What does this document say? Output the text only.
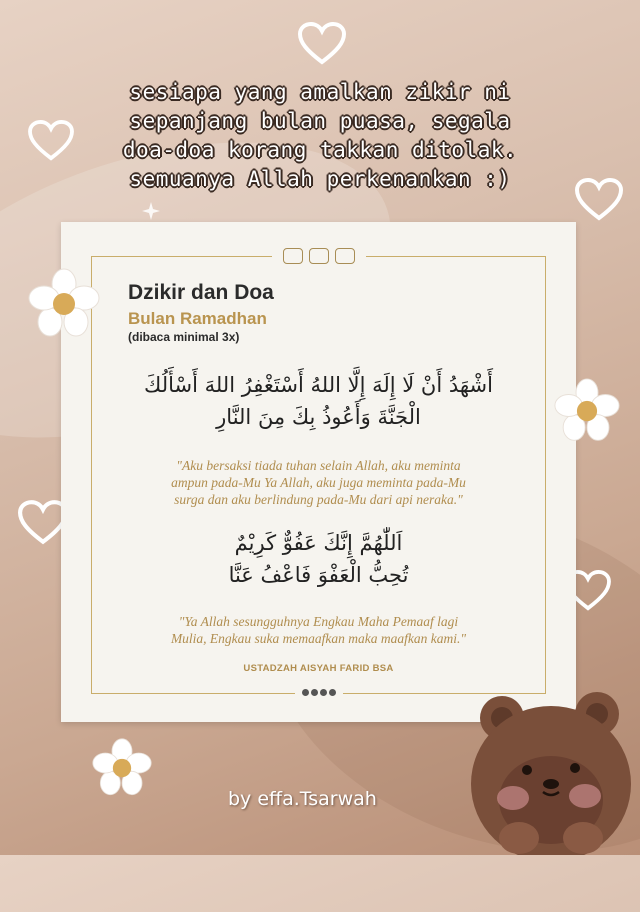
sesiapa yang amalkan zikir ni
sepanjang bulan puasa, segala
doa-doa korang takkan ditolak.
semuanya Allah perkenankan :)
Dzikir dan Doa
Bulan Ramadhan
(dibaca minimal 3x)
أَشْهَدُ أَنْ لَا إِلَهَ إِلَّا اللهُ أَسْتَغْفِرُ اللهَ أَسْأَلُكَ
الْجَنَّةَ وَأَعُوذُ بِكَ مِنَ النَّارِ
"Aku bersaksi tiada tuhan selain Allah, aku meminta
ampun pada-Mu Ya Allah, aku juga meminta pada-Mu
surga dan aku berlindung pada-Mu dari api neraka."
اَللّٰهُمَّ إِنَّكَ عَفُوٌّ كَرِيْمٌ
تُحِبُّ الْعَفْوَ فَاعْفُ عَنَّا
"Ya Allah sesungguhnya Engkau Maha Pemaaf lagi
Mulia, Engkau suka memaafkan maka maafkan kami."
USTADZAH AISYAH FARID BSA
by effa.Tsarwah
